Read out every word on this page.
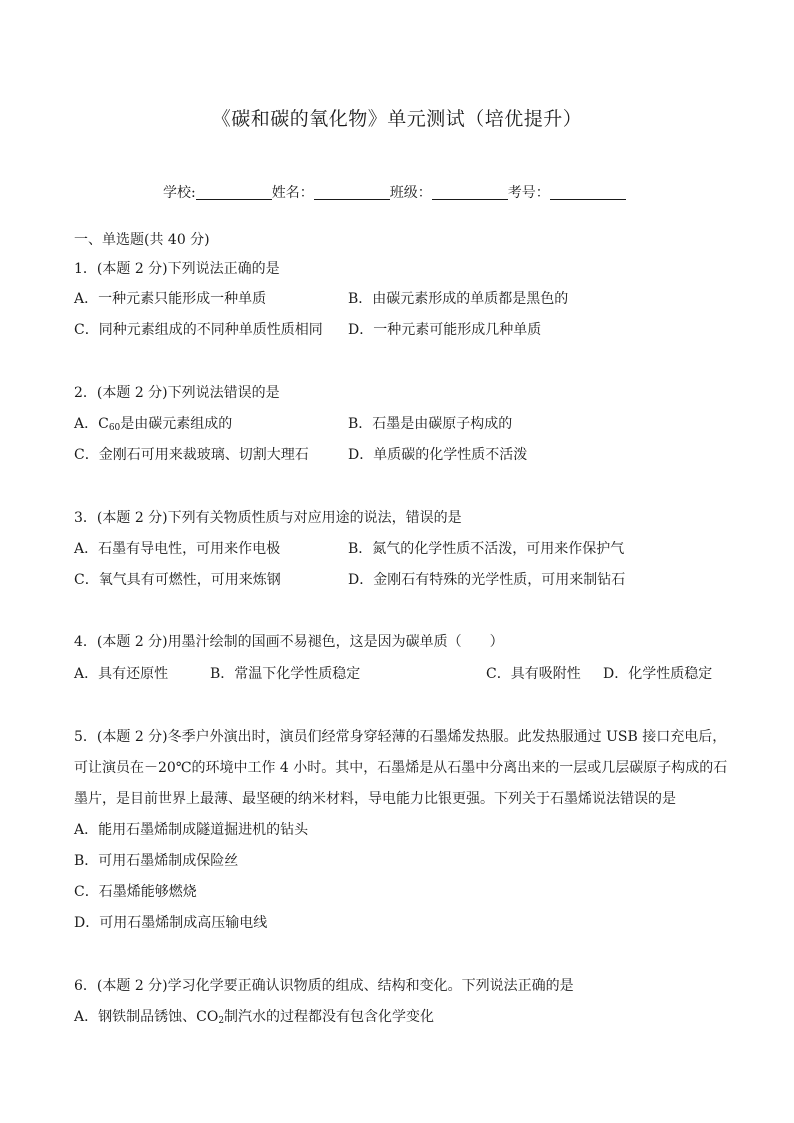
《碳和碳的氧化物》单元测试（培优提升）
学校:	姓名：	班级：	考号：
一、单选题(共 40 分)
1．(本题 2 分)下列说法正确的是
A．一种元素只能形成一种单质	B．由碳元素形成的单质都是黑色的
C．同种元素组成的不同种单质性质相同 D．一种元素可能形成几种单质
2．(本题 2 分)下列说法错误的是
A．$C_{60}$是由碳元素组成的	B．石墨是由碳原子构成的
C．金刚石可用来裁玻璃、切割大理石	D．单质碳的化学性质不活泼
3．(本题 2 分)下列有关物质性质与对应用途的说法，错误的是
A．石墨有导电性，可用来作电极	B．氮气的化学性质不活泼，可用来作保护气
C．氧气具有可燃性，可用来炼钢	D．金刚石有特殊的光学性质，可用来制钻石
4．(本题 2 分)用墨汁绘制的国画不易褪色，这是因为碳单质（　　）
A．具有还原性	B．常温下化学性质稳定	C．具有吸附性 D．化学性质稳定
5．(本题 2 分)冬季户外演出时，演员们经常身穿轻薄的石墨烯发热服。此发热服通过 USB 接口充电后，
可让演员在－20℃的环境中工作 4 小时。其中，石墨烯是从石墨中分离出来的一层或几层碳原子构成的石
墨片，是目前世界上最薄、最坚硬的纳米材料，导电能力比银更强。下列关于石墨烯说法错误的是
A．能用石墨烯制成隧道掘进机的钻头
B．可用石墨烯制成保险丝
C．石墨烯能够燃烧
D．可用石墨烯制成高压输电线
6．(本题 2 分)学习化学要正确认识物质的组成、结构和变化。下列说法正确的是
A．钢铁制品锈蚀、$CO_2$制汽水的过程都没有包含化学变化
